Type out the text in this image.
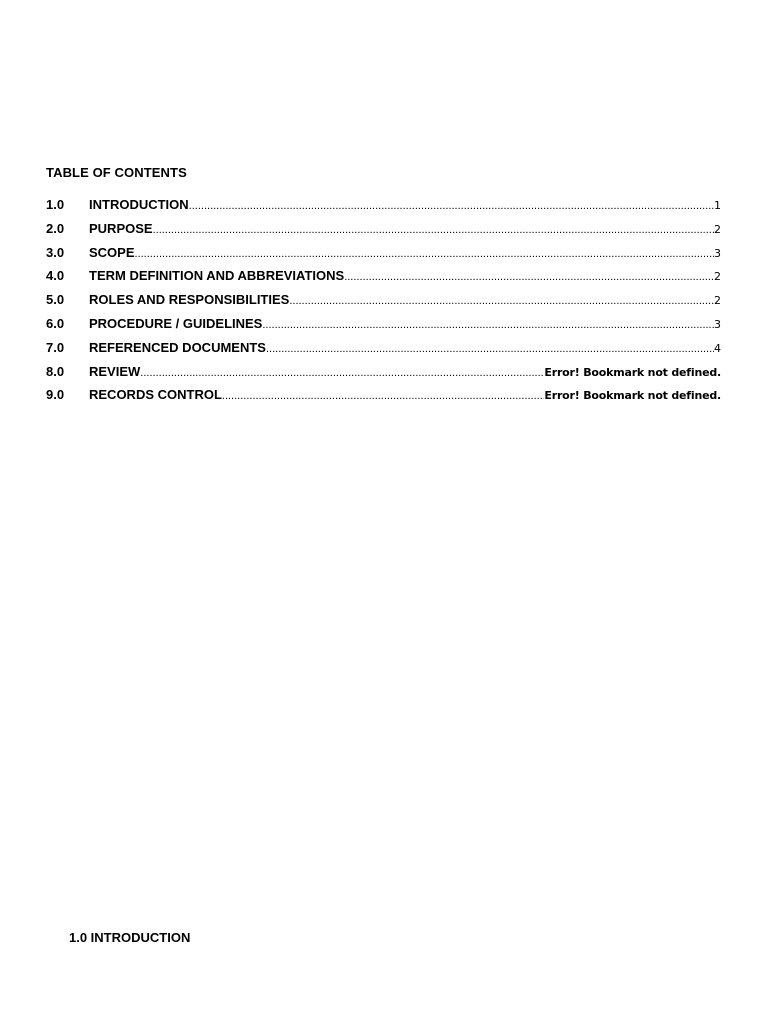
TABLE OF CONTENTS
1.0	INTRODUCTION .....	1
2.0	PURPOSE .....	2
3.0	SCOPE .....	3
4.0	TERM DEFINITION AND ABBREVIATIONS .....	2
5.0	ROLES AND RESPONSIBILITIES .....	2
6.0	PROCEDURE / GUIDELINES .....	3
7.0	REFERENCED DOCUMENTS .....	4
8.0	REVIEW .....	Error! Bookmark not defined.
9.0	RECORDS CONTROL .....	Error! Bookmark not defined.
1.0 INTRODUCTION
